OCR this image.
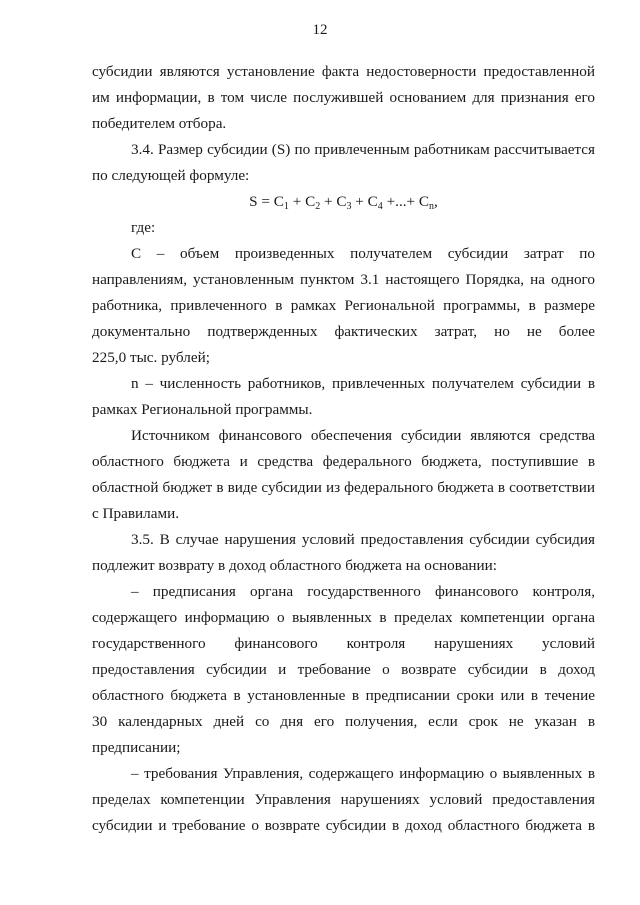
12
субсидии являются установление факта недостоверности предоставленной
им информации, в том числе послужившей основанием для признания его
победителем отбора.
3.4. Размер субсидии (S) по привлеченным работникам рассчитывается
по следующей формуле:
$S = C_1 + C_2 + C_3 + C_4$ +...+ $C_n$,
где:
C – объем произведенных получателем субсидии затрат по
направлениям, установленным пунктом 3.1 настоящего Порядка, на одного
работника, привлеченного в рамках Региональной программы, в размере
документально подтвержденных фактических затрат, но не более
225,0 тыс. рублей;
n – численность работников, привлеченных получателем субсидии в
рамках Региональной программы.
Источником финансового обеспечения субсидии являются средства
областного бюджета и средства федерального бюджета, поступившие в
областной бюджет в виде субсидии из федерального бюджета в соответствии
с Правилами.
3.5. В случае нарушения условий предоставления субсидии субсидия
подлежит возврату в доход областного бюджета на основании:
– предписания органа государственного финансового контроля,
содержащего информацию о выявленных в пределах компетенции органа
государственного финансового контроля нарушениях условий
предоставления субсидии и требование о возврате субсидии в доход
областного бюджета в установленные в предписании сроки или в течение
30 календарных дней со дня его получения, если срок не указан в
предписании;
– требования Управления, содержащего информацию о выявленных в
пределах компетенции Управления нарушениях условий предоставления
субсидии и требование о возврате субсидии в доход областного бюджета в
